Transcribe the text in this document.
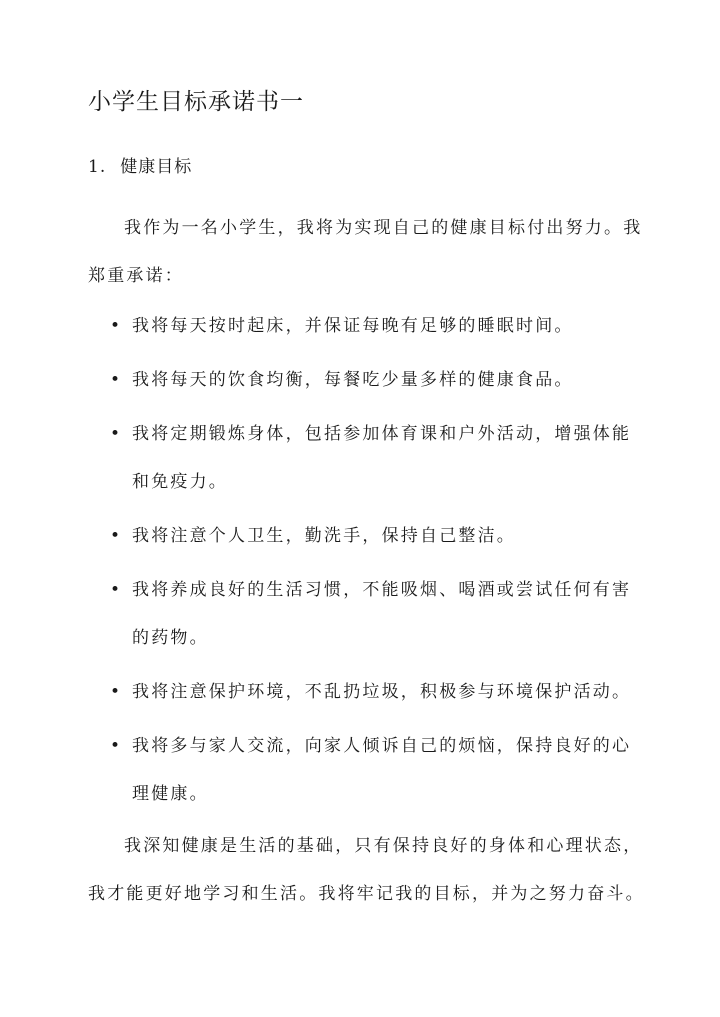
小学生目标承诺书一
1. 健康目标

我作为一名小学生，我将为实现自己的健康目标付出努力。我
郑重承诺：

• 我将每天按时起床，并保证每晚有足够的睡眠时间。
• 我将每天的饮食均衡，每餐吃少量多样的健康食品。
• 我将定期锻炼身体，包括参加体育课和户外活动，增强体能
和免疫力。
• 我将注意个人卫生，勤洗手，保持自己整洁。
• 我将养成良好的生活习惯，不能吸烟、喝酒或尝试任何有害
的药物。
• 我将注意保护环境，不乱扔垃圾，积极参与环境保护活动。
• 我将多与家人交流，向家人倾诉自己的烦恼，保持良好的心
理健康。

我深知健康是生活的基础，只有保持良好的身体和心理状态，
我才能更好地学习和生活。我将牢记我的目标，并为之努力奋斗。
